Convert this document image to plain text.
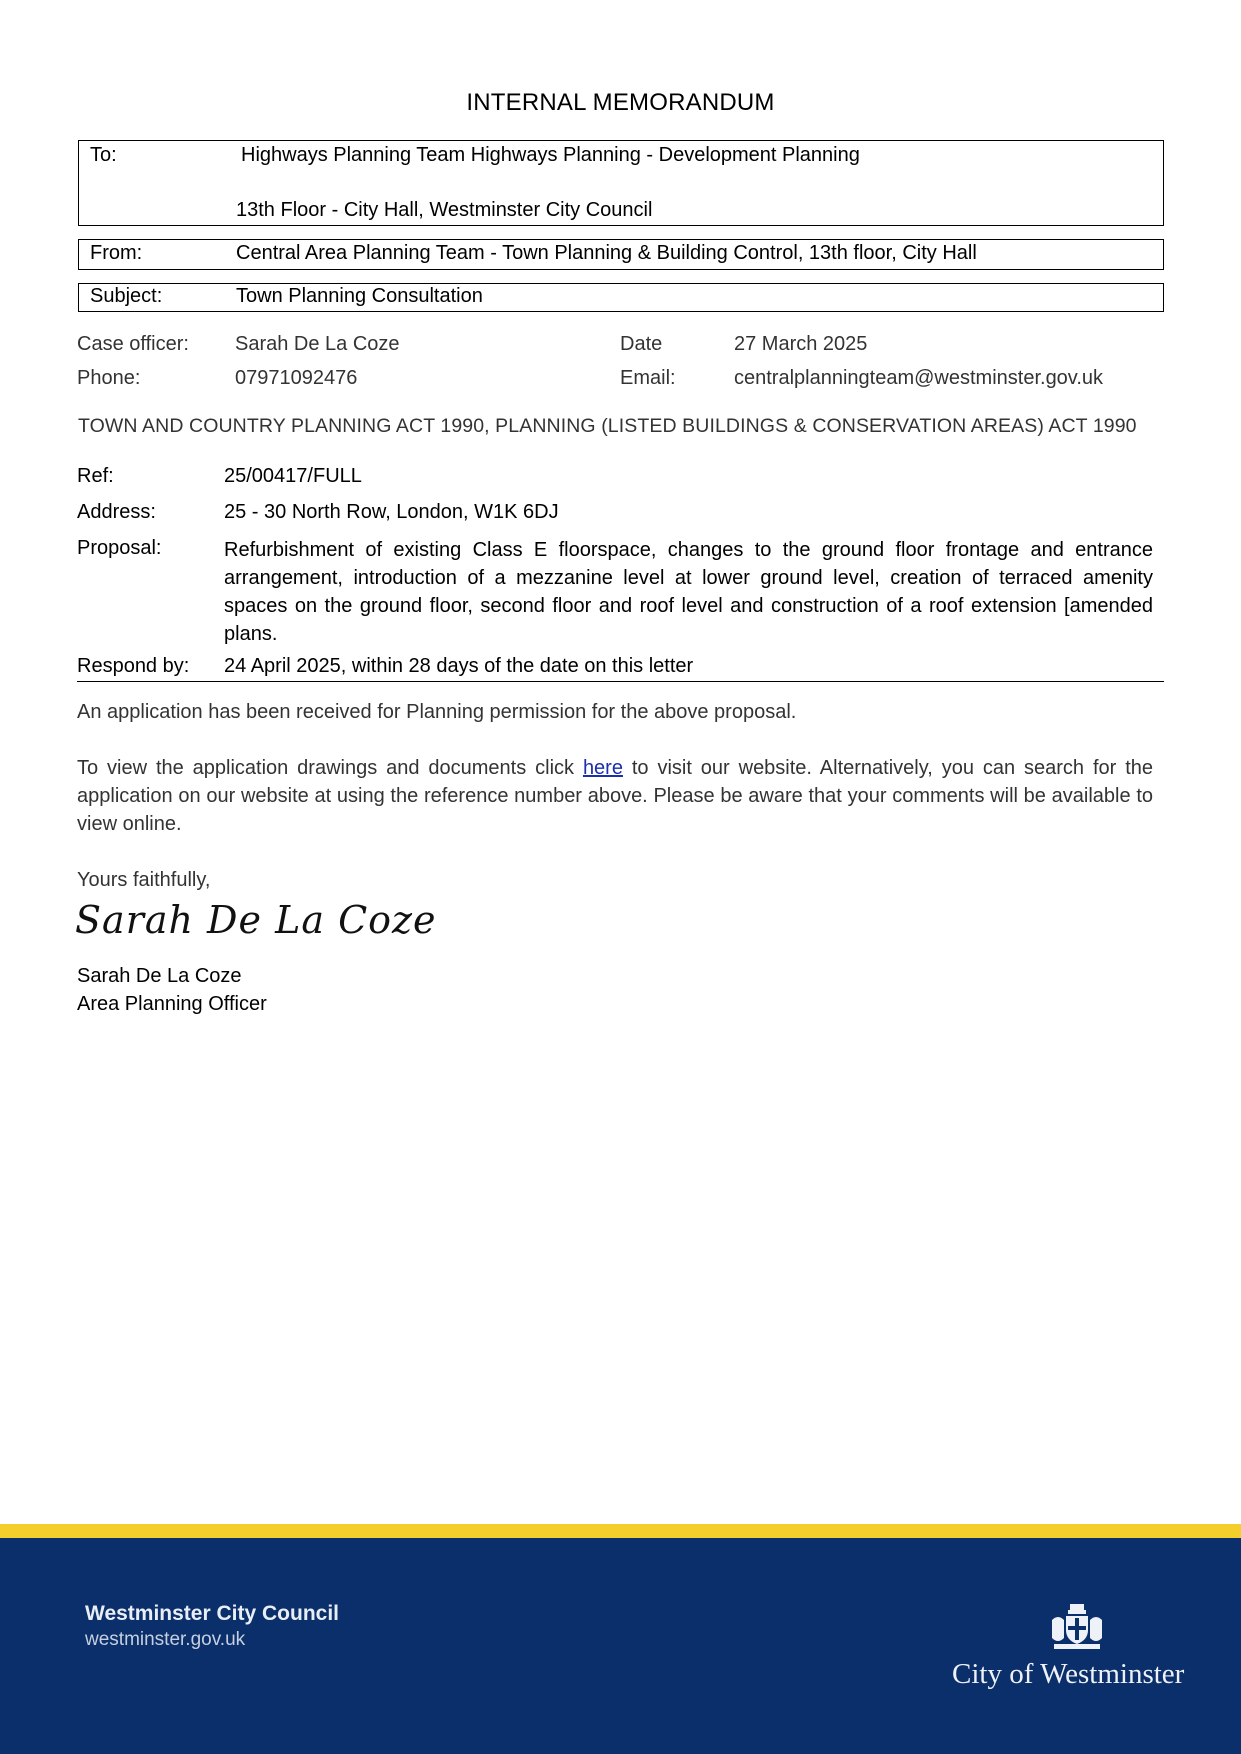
INTERNAL MEMORANDUM
To:	Highways Planning Team Highways Planning - Development Planning
13th Floor - City Hall, Westminster City Council
From:	Central Area Planning Team - Town Planning & Building Control, 13th floor, City Hall
Subject:	Town Planning Consultation
Case officer: Sarah De La Coze	Date	27 March 2025
Phone:	07971092476	Email:	centralplanningteam@westminster.gov.uk
TOWN AND COUNTRY PLANNING ACT 1990, PLANNING (LISTED BUILDINGS & CONSERVATION AREAS) ACT 1990
Ref:	25/00417/FULL
Address:	25 - 30 North Row, London, W1K 6DJ
Proposal:	Refurbishment of existing Class E floorspace, changes to the ground floor frontage and entrance arrangement, introduction of a mezzanine level at lower ground level, creation of terraced amenity spaces on the ground floor, second floor and roof level and construction of a roof extension [amended plans.
Respond by: 24 April 2025, within 28 days of the date on this letter
An application has been received for Planning permission for the above proposal.
To view the application drawings and documents click here to visit our website. Alternatively, you can search for the application on our website at using the reference number above. Please be aware that your comments will be available to view online.
Yours faithfully,
Sarah De La Coze
Sarah De La Coze
Area Planning Officer
Westminster City Council
westminster.gov.uk
City of Westminster
